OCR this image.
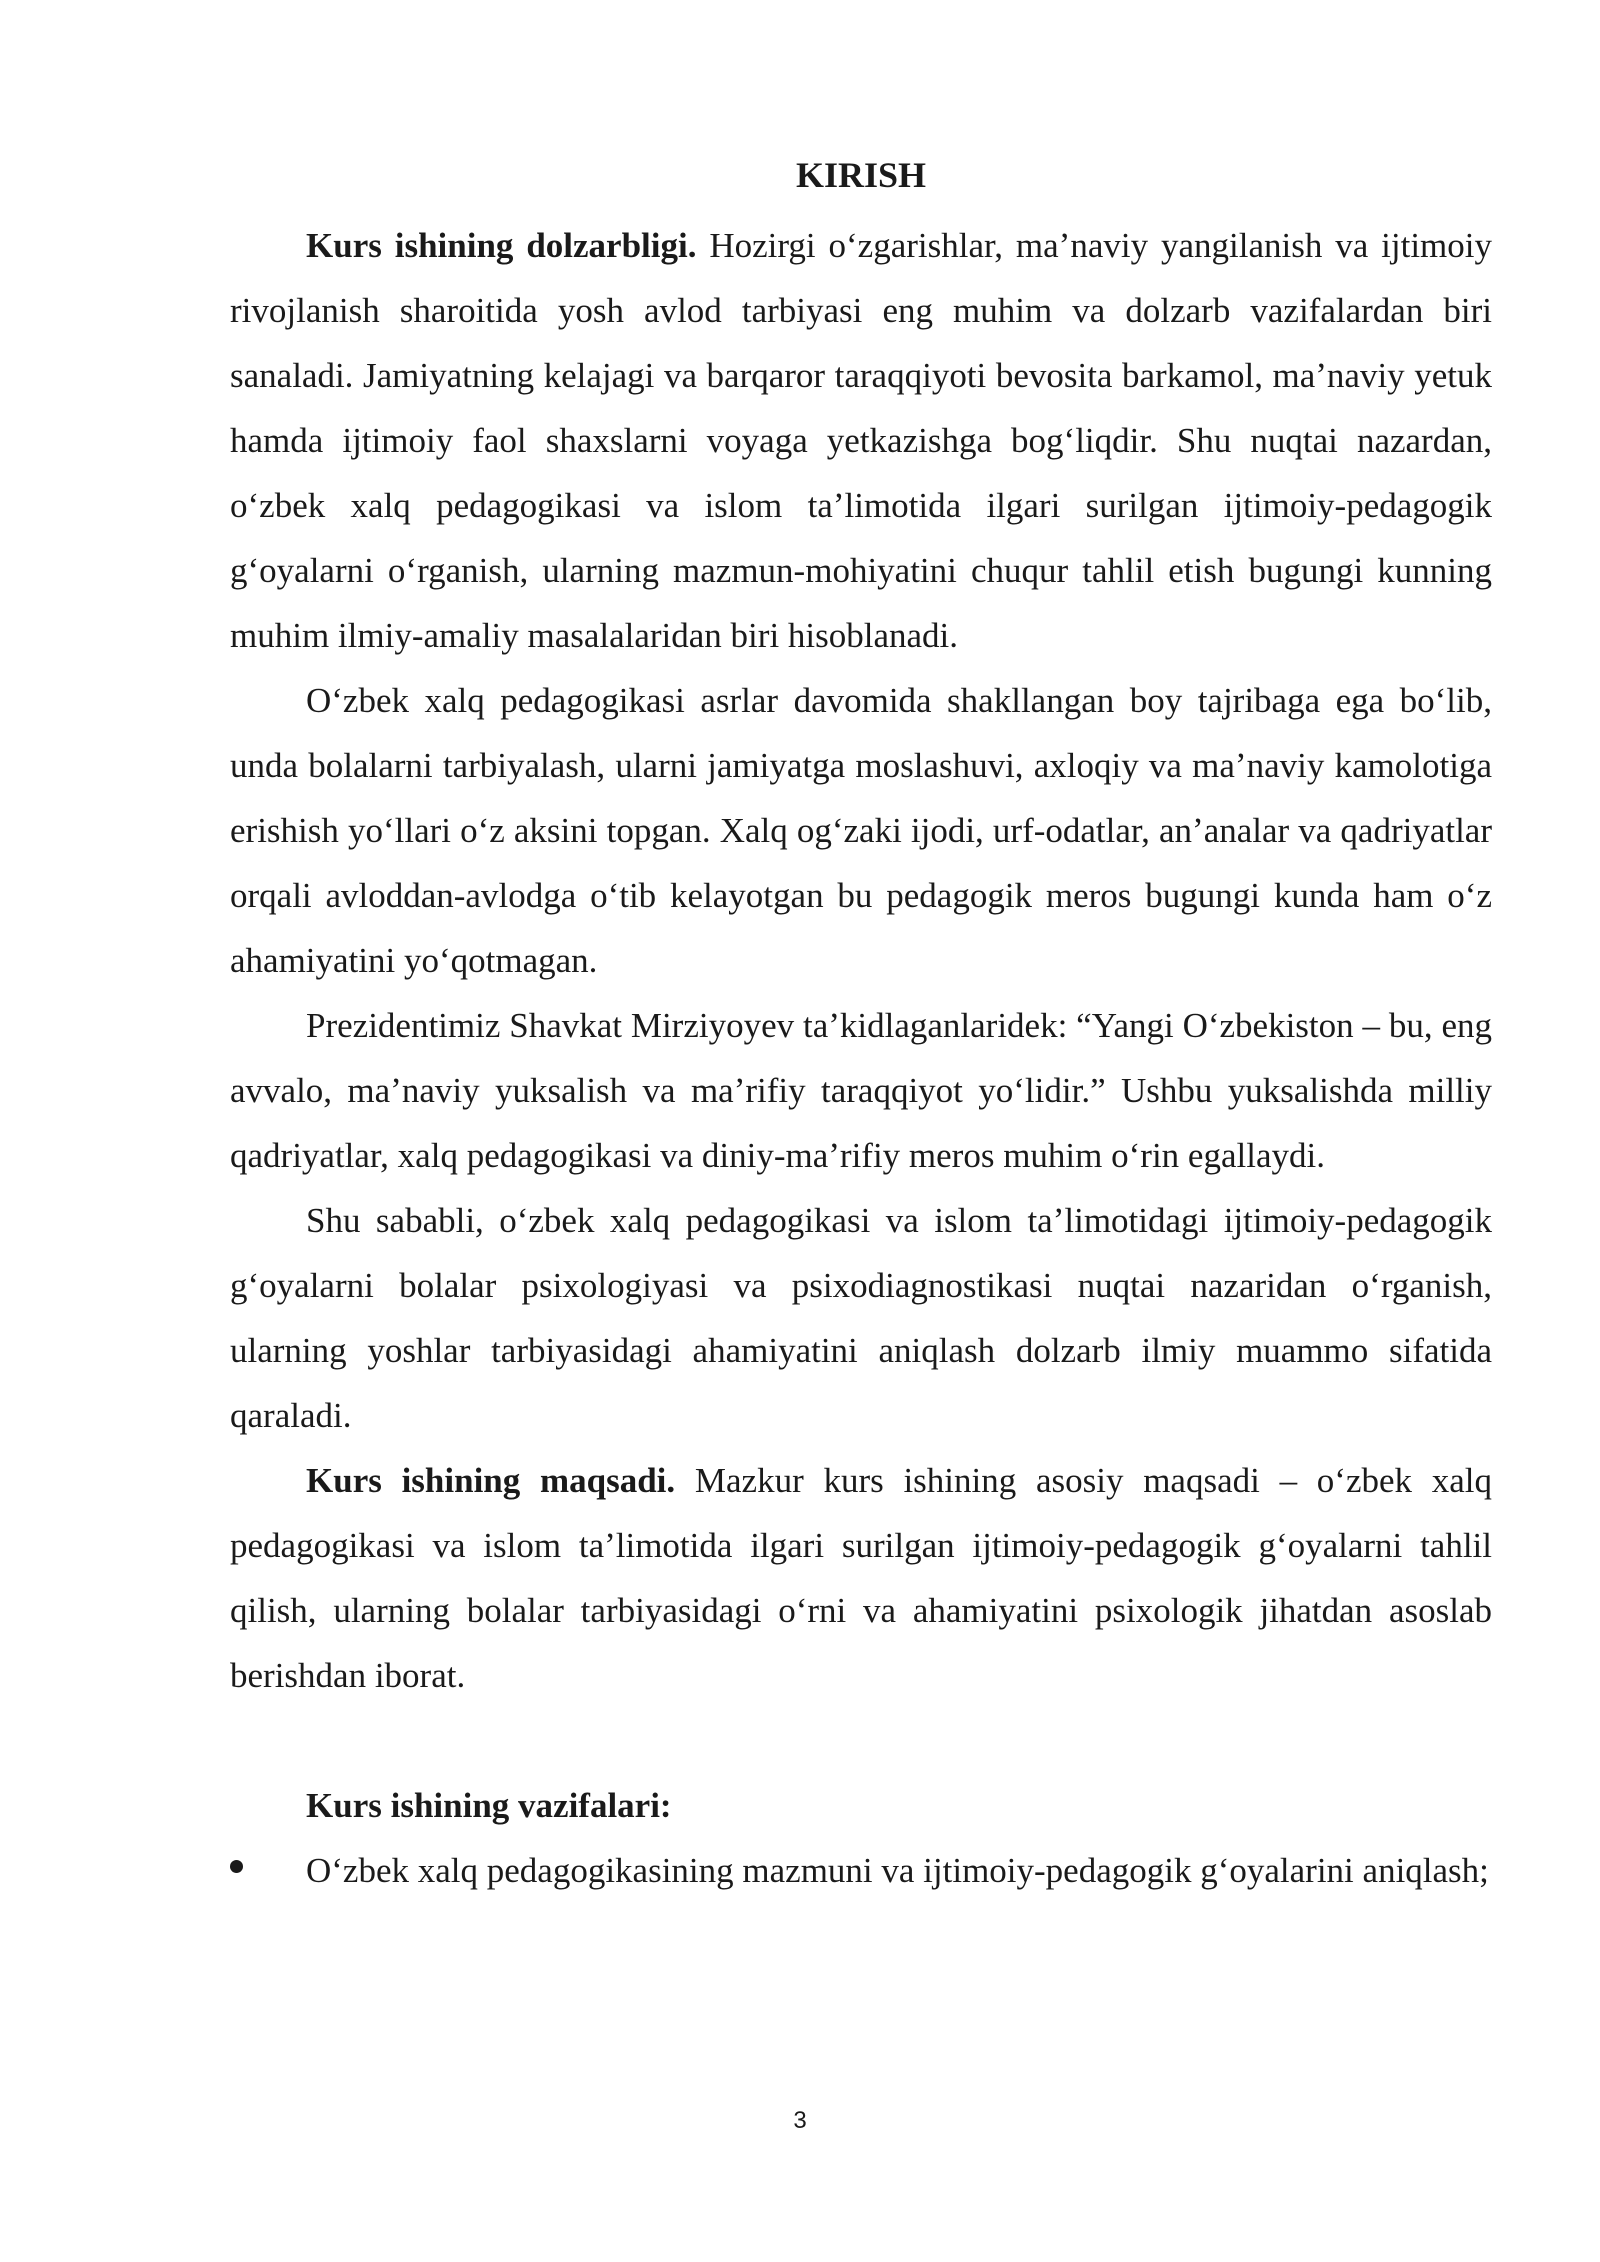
KIRISH

Kurs ishining dolzarbligi. Hozirgi oʻzgarishlar, maʼnaviy yangilanish va ijtimoiy rivojlanish sharoitida yosh avlod tarbiyasi eng muhim va dolzarb vazifalardan biri sanaladi. Jamiyatning kelajagi va barqaror taraqqiyoti bevosita barkamol, maʼnaviy yetuk hamda ijtimoiy faol shaxslarni voyaga yetkazishga bogʻliqdir. Shu nuqtai nazardan, oʻzbek xalq pedagogikasi va islom taʼlimotida ilgari surilgan ijtimoiy-pedagogik gʻoyalarni oʻrganish, ularning mazmun-mohiyatini chuqur tahlil etish bugungi kunning muhim ilmiy-amaliy masalalaridan biri hisoblanadi.

Oʻzbek xalq pedagogikasi asrlar davomida shakllangan boy tajribaga ega boʻlib, unda bolalarni tarbiyalash, ularni jamiyatga moslashuvi, axloqiy va maʼnaviy kamolotiga erishish yoʻllari oʻz aksini topgan. Xalq ogʻzaki ijodi, urf-odatlar, anʼanalar va qadriyatlar orqali avloddan-avlodga oʻtib kelayotgan bu pedagogik meros bugungi kunda ham oʻz ahamiyatini yoʻqotmagan.

Prezidentimiz Shavkat Mirziyoyev taʼkidlaganlaridek: “Yangi Oʻzbekiston – bu, eng avvalo, maʼnaviy yuksalish va maʼrifiy taraqqiyot yoʻlidir.” Ushbu yuksalishda milliy qadriyatlar, xalq pedagogikasi va diniy-maʼrifiy meros muhim oʻrin egallaydi.

Shu sababli, oʻzbek xalq pedagogikasi va islom taʼlimotidagi ijtimoiy-pedagogik gʻoyalarni bolalar psixologiyasi va psixodiagnostikasi nuqtai nazaridan oʻrganish, ularning yoshlar tarbiyasidagi ahamiyatini aniqlash dolzarb ilmiy muammo sifatida qaraladi.

Kurs ishining maqsadi. Mazkur kurs ishining asosiy maqsadi – oʻzbek xalq pedagogikasi va islom taʼlimotida ilgari surilgan ijtimoiy-pedagogik gʻoyalarni tahlil qilish, ularning bolalar tarbiyasidagi oʻrni va ahamiyatini psixologik jihatdan asoslab berishdan iborat.

Kurs ishining vazifalari:

Oʻzbek xalq pedagogikasining mazmuni va ijtimoiy-pedagogik gʻoyalarini aniqlash;
3
